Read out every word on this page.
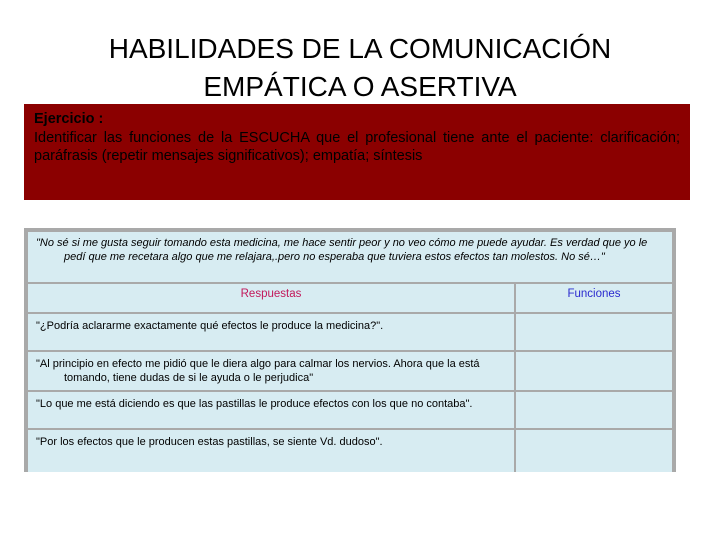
HABILIDADES DE LA COMUNICACIÓN
EMPÁTICA O ASERTIVA
Ejercicio :
Identificar las funciones de la ESCUCHA que el profesional tiene ante el paciente: clarificación; paráfrasis (repetir mensajes significativos); empatía; síntesis
"No sé si me gusta seguir tomando esta medicina, me hace sentir peor y no veo cómo me puede ayudar. Es verdad que yo le pedí que me recetara algo que me relajara,.pero no esperaba que tuviera estos efectos tan molestos. No sé…"
Respuestas	Funciones
"¿Podría aclararme exactamente qué efectos le produce la medicina?".
"Al principio en efecto me pidió que le diera algo para calmar los nervios. Ahora que la está tomando, tiene dudas de si le ayuda o le perjudica"
"Lo que me está diciendo es que las pastillas le produce efectos con los que no contaba".
"Por los efectos que le producen estas pastillas, se siente Vd. dudoso".
